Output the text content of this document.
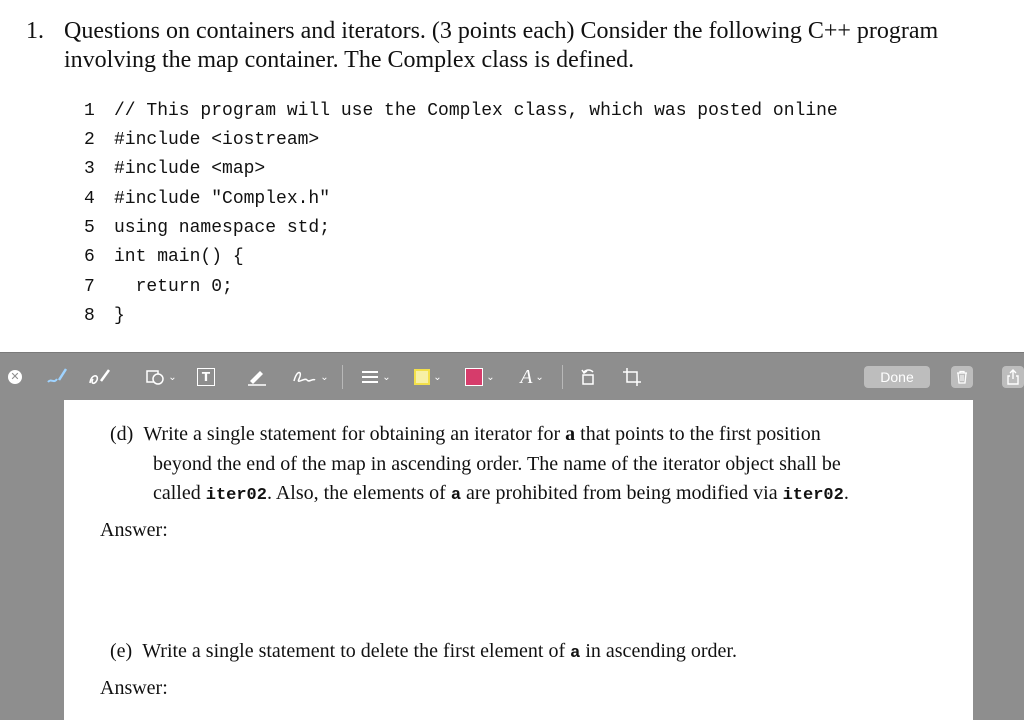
1. Questions on containers and iterators. (3 points each) Consider the following C++ program
involving the map container. The Complex class is defined.
1 // This program will use the Complex class, which was posted online
2 #include <iostream>
3 #include <map>
4 #include "Complex.h"
5 using namespace std;
6 int main() {
7 return 0;
8 }
✕	⌄	T	⌄	⌄	⌄	⌄ A ⌄	Done
(d) Write a single statement for obtaining an iterator for a that points to the first position
beyond the end of the map in ascending order. The name of the iterator object shall be
called iter02. Also, the elements of a are prohibited from being modified via iter02.
Answer:
(e) Write a single statement to delete the first element of a in ascending order.
Answer:
